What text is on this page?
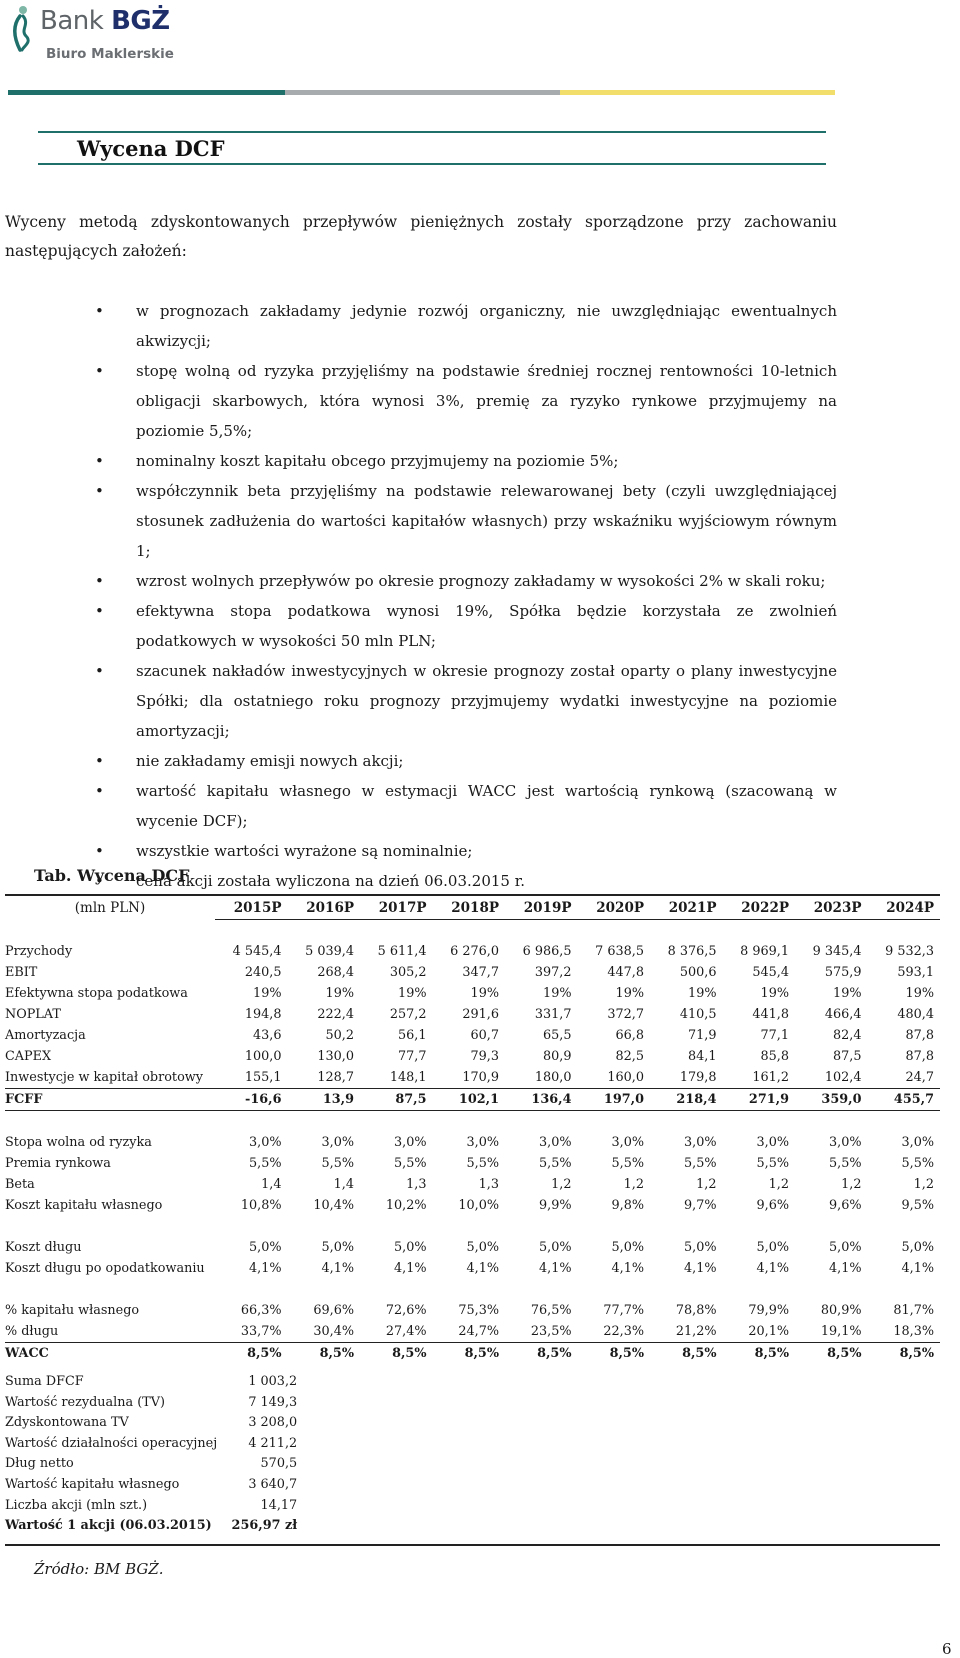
Bank BGŻ
Biuro Maklerskie
Wycena DCF
Wyceny metodą zdyskontowanych przepływów pieniężnych zostały sporządzone przy zachowaniu następujących założeń:
• w prognozach zakładamy jedynie rozwój organiczny, nie uwzględniając ewentualnych akwizycji;
• stopę wolną od ryzyka przyjęliśmy na podstawie średniej rocznej rentowności 10-letnich obligacji skarbowych, która wynosi 3%, premię za ryzyko rynkowe przyjmujemy na poziomie 5,5%;
• nominalny koszt kapitału obcego przyjmujemy na poziomie 5%;
• współczynnik beta przyjęliśmy na podstawie relewarowanej bety (czyli uwzględniającej stosunek zadłużenia do wartości kapitałów własnych) przy wskaźniku wyjściowym równym 1;
• wzrost wolnych przepływów po okresie prognozy zakładamy w wysokości 2% w skali roku;
• efektywna stopa podatkowa wynosi 19%, Spółka będzie korzystała ze zwolnień podatkowych w wysokości 50 mln PLN;
• szacunek nakładów inwestycyjnych w okresie prognozy został oparty o plany inwestycyjne Spółki; dla ostatniego roku prognozy przyjmujemy wydatki inwestycyjne na poziomie amortyzacji;
• nie zakładamy emisji nowych akcji;
• wartość kapitału własnego w estymacji WACC jest wartością rynkową (szacowaną w wycenie DCF);
• wszystkie wartości wyrażone są nominalnie;
• cena akcji została wyliczona na dzień 06.03.2015 r.
Tab. Wycena DCF
(mln PLN)	2015P	2016P	2017P	2018P	2019P	2020P	2021P	2022P	2023P	2024P

Przychody	4 545,4	5 039,4	5 611,4	6 276,0	6 986,5	7 638,5	8 376,5	8 969,1	9 345,4	9 532,3
EBIT	240,5	268,4	305,2	347,7	397,2	447,8	500,6	545,4	575,9	593,1
Efektywna stopa podatkowa	19%	19%	19%	19%	19%	19%	19%	19%	19%	19%
NOPLAT	194,8	222,4	257,2	291,6	331,7	372,7	410,5	441,8	466,4	480,4
Amortyzacja	43,6	50,2	56,1	60,7	65,5	66,8	71,9	77,1	82,4	87,8
CAPEX	100,0	130,0	77,7	79,3	80,9	82,5	84,1	85,8	87,5	87,8
Inwestycje w kapitał obrotowy	155,1	128,7	148,1	170,9	180,0	160,0	179,8	161,2	102,4	24,7
FCFF	-16,6	13,9	87,5	102,1	136,4	197,0	218,4	271,9	359,0	455,7

Stopa wolna od ryzyka	3,0%	3,0%	3,0%	3,0%	3,0%	3,0%	3,0%	3,0%	3,0%	3,0%
Premia rynkowa	5,5%	5,5%	5,5%	5,5%	5,5%	5,5%	5,5%	5,5%	5,5%	5,5%
Beta	1,4	1,4	1,3	1,3	1,2	1,2	1,2	1,2	1,2	1,2
Koszt kapitału własnego	10,8%	10,4%	10,2%	10,0%	9,9%	9,8%	9,7%	9,6%	9,6%	9,5%

Koszt długu	5,0%	5,0%	5,0%	5,0%	5,0%	5,0%	5,0%	5,0%	5,0%	5,0%
Koszt długu po opodatkowaniu	4,1%	4,1%	4,1%	4,1%	4,1%	4,1%	4,1%	4,1%	4,1%	4,1%

% kapitału własnego	66,3%	69,6%	72,6%	75,3%	76,5%	77,7%	78,8%	79,9%	80,9%	81,7%
% długu	33,7%	30,4%	27,4%	24,7%	23,5%	22,3%	21,2%	20,1%	19,1%	18,3%
WACC	8,5%	8,5%	8,5%	8,5%	8,5%	8,5%	8,5%	8,5%	8,5%	8,5%
Suma DFCF	1 003,2
Wartość rezydualna (TV)	7 149,3
Zdyskontowana TV	3 208,0
Wartość działalności operacyjnej	4 211,2
Dług netto	570,5
Wartość kapitału własnego	3 640,7
Liczba akcji (mln szt.)	14,17
Wartość 1 akcji (06.03.2015)	256,97 zł
Źródło: BM BGŻ.
6
